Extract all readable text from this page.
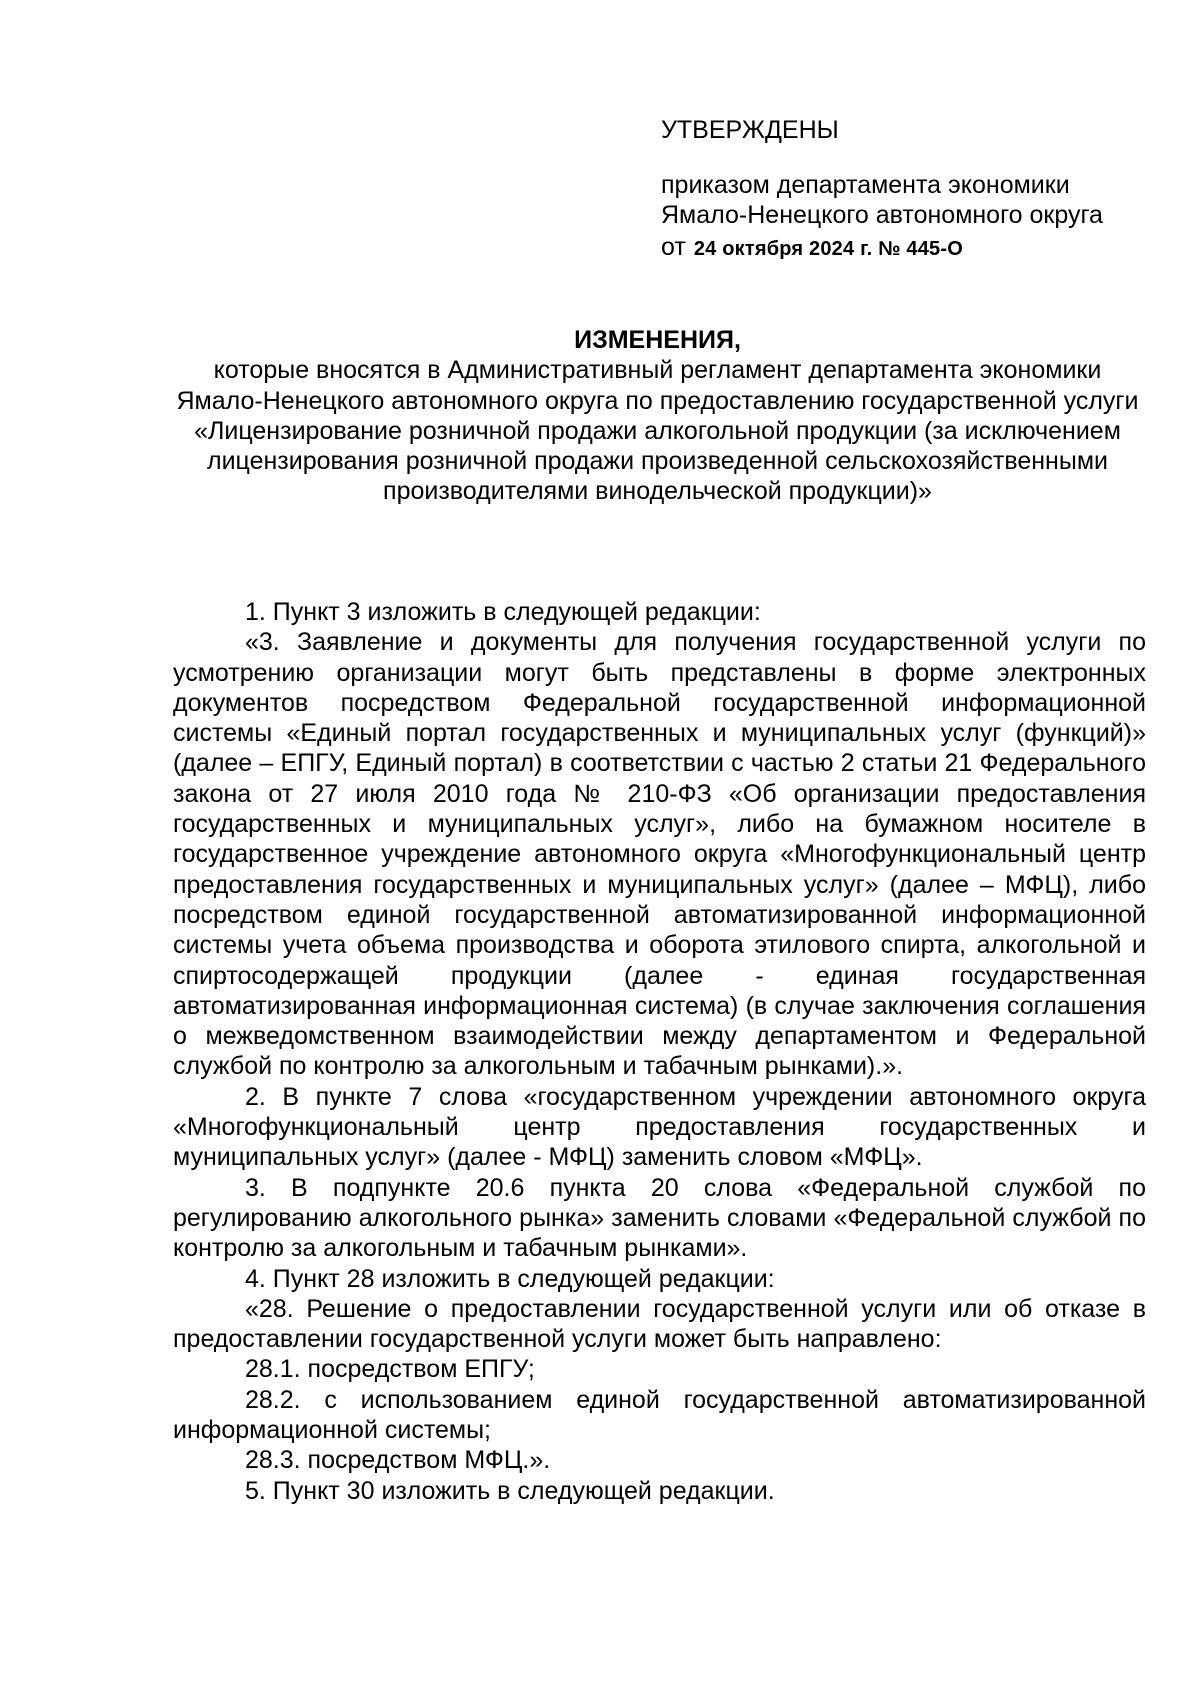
УТВЕРЖДЕНЫ

приказом департамента экономики

Ямало-Ненецкого автономного округа

от 24 октября 2024 г. № 445-О

ИЗМЕНЕНИЯ,

которые вносятся в Административный регламент департамента экономики Ямало-Ненецкого автономного округа по предоставлению государственной услуги «Лицензирование розничной продажи алкогольной продукции (за исключением лицензирования розничной продажи произведенной сельскохозяйственными производителями винодельческой продукции)»

1. Пункт 3 изложить в следующей редакции:

«3. Заявление и документы для получения государственной услуги по усмотрению организации могут быть представлены в форме электронных документов посредством Федеральной государственной информационной системы «Единый портал государственных и муниципальных услуг (функций)» (далее – ЕПГУ, Единый портал) в соответствии с частью 2 статьи 21 Федерального закона от 27 июля 2010 года № 210-ФЗ «Об организации предоставления государственных и муниципальных услуг», либо на бумажном носителе в государственное учреждение автономного округа «Многофункциональный центр предоставления государственных и муниципальных услуг» (далее – МФЦ), либо посредством единой государственной автоматизированной информационной системы учета объема производства и оборота этилового спирта, алкогольной и спиртосодержащей продукции (далее - единая государственная автоматизированная информационная система) (в случае заключения соглашения о межведомственном взаимодействии между департаментом и Федеральной службой по контролю за алкогольным и табачным рынками).».

2. В пункте 7 слова «государственном учреждении автономного округа «Многофункциональный центр предоставления государственных и муниципальных услуг» (далее - МФЦ) заменить словом «МФЦ».

3. В подпункте 20.6 пункта 20 слова «Федеральной службой по регулированию алкогольного рынка» заменить словами «Федеральной службой по контролю за алкогольным и табачным рынками».

4. Пункт 28 изложить в следующей редакции:

«28. Решение о предоставлении государственной услуги или об отказе в предоставлении государственной услуги может быть направлено:

28.1. посредством ЕПГУ;

28.2. с использованием единой государственной автоматизированной информационной системы;

28.3. посредством МФЦ.».

5. Пункт 30 изложить в следующей редакции.
